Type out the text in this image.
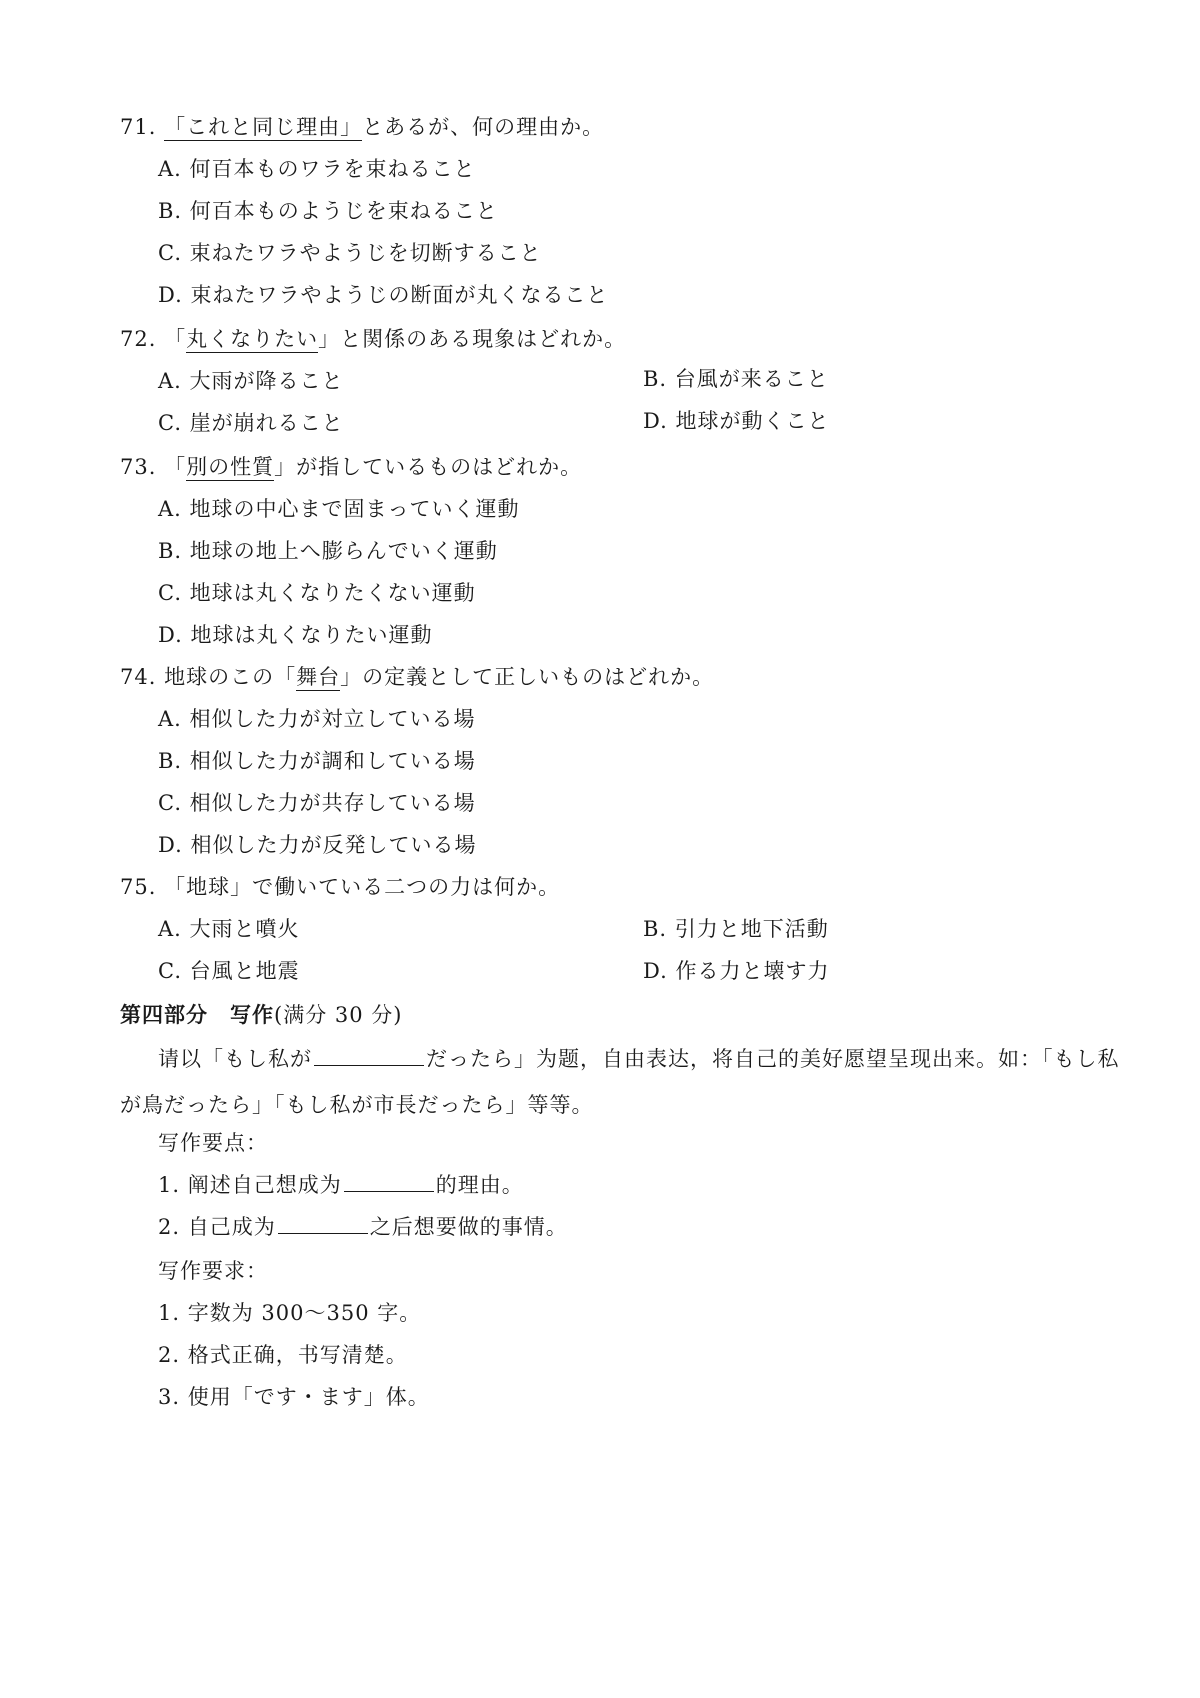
71. 「これと同じ理由」とあるが、何の理由か。
A. 何百本ものワラを束ねること
B. 何百本ものようじを束ねること
C. 束ねたワラやようじを切断すること
D. 束ねたワラやようじの断面が丸くなること
72. 「丸くなりたい」と関係のある現象はどれか。
A. 大雨が降ること	B. 台風が来ること
C. 崖が崩れること	D. 地球が動くこと
73. 「別の性質」が指しているものはどれか。
A. 地球の中心まで固まっていく運動
B. 地球の地上へ膨らんでいく運動
C. 地球は丸くなりたくない運動
D. 地球は丸くなりたい運動
74. 地球のこの「舞台」の定義として正しいものはどれか。
A. 相似した力が対立している場
B. 相似した力が調和している場
C. 相似した力が共存している場
D. 相似した力が反発している場
75. 「地球」で働いている二つの力は何か。
A. 大雨と噴火	B. 引力と地下活動
C. 台風と地震	D. 作る力と壊す力
第四部分　写作(满分 30 分)
请以「もし私が	だったら」为题，自由表达，将自己的美好愿望呈现出来。如：「もし私が鳥だったら」「もし私が市長だったら」等等。
写作要点：
1. 阐述自己想成为	的理由。
2. 自己成为	之后想要做的事情。
写作要求：
1. 字数为 300～350 字。
2. 格式正确，书写清楚。
3. 使用「です・ます」体。
